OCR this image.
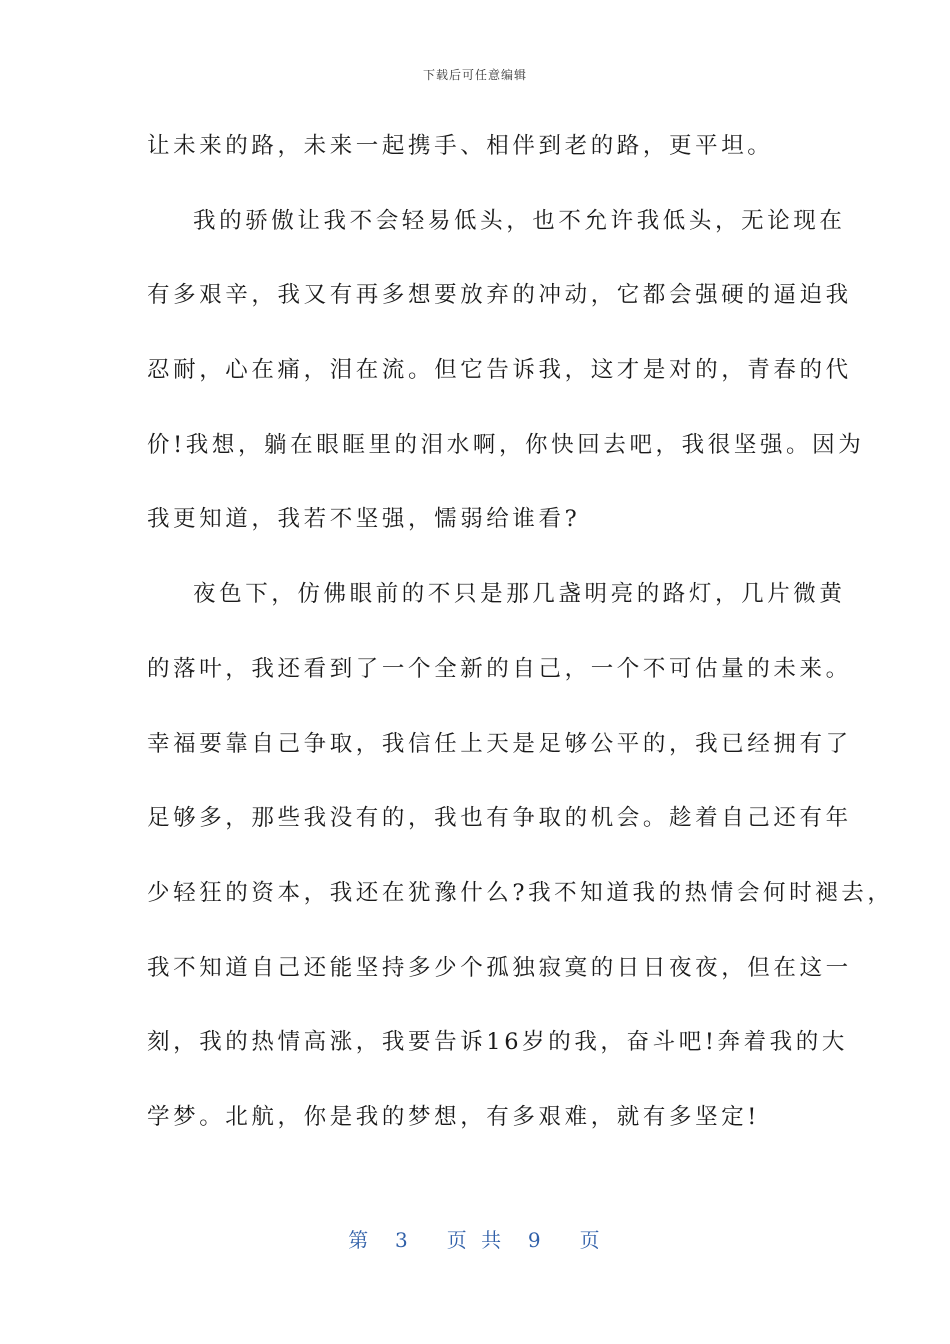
下载后可任意编辑
让未来的路，未来一起携手、相伴到老的路，更平坦。
我的骄傲让我不会轻易低头，也不允许我低头，无论现在
有多艰辛，我又有再多想要放弃的冲动，它都会强硬的逼迫我
忍耐，心在痛，泪在流。但它告诉我，这才是对的，青春的代
价!我想，躺在眼眶里的泪水啊，你快回去吧，我很坚强。因为
我更知道，我若不坚强，懦弱给谁看?
夜色下，仿佛眼前的不只是那几盏明亮的路灯，几片微黄
的落叶，我还看到了一个全新的自己，一个不可估量的未来。
幸福要靠自己争取，我信任上天是足够公平的，我已经拥有了
足够多，那些我没有的，我也有争取的机会。趁着自己还有年
少轻狂的资本，我还在犹豫什么?我不知道我的热情会何时褪去，
我不知道自己还能坚持多少个孤独寂寞的日日夜夜，但在这一
刻，我的热情高涨，我要告诉16岁的我，奋斗吧!奔着我的大
学梦。北航，你是我的梦想，有多艰难，就有多坚定!
第  3   页 共  9   页
